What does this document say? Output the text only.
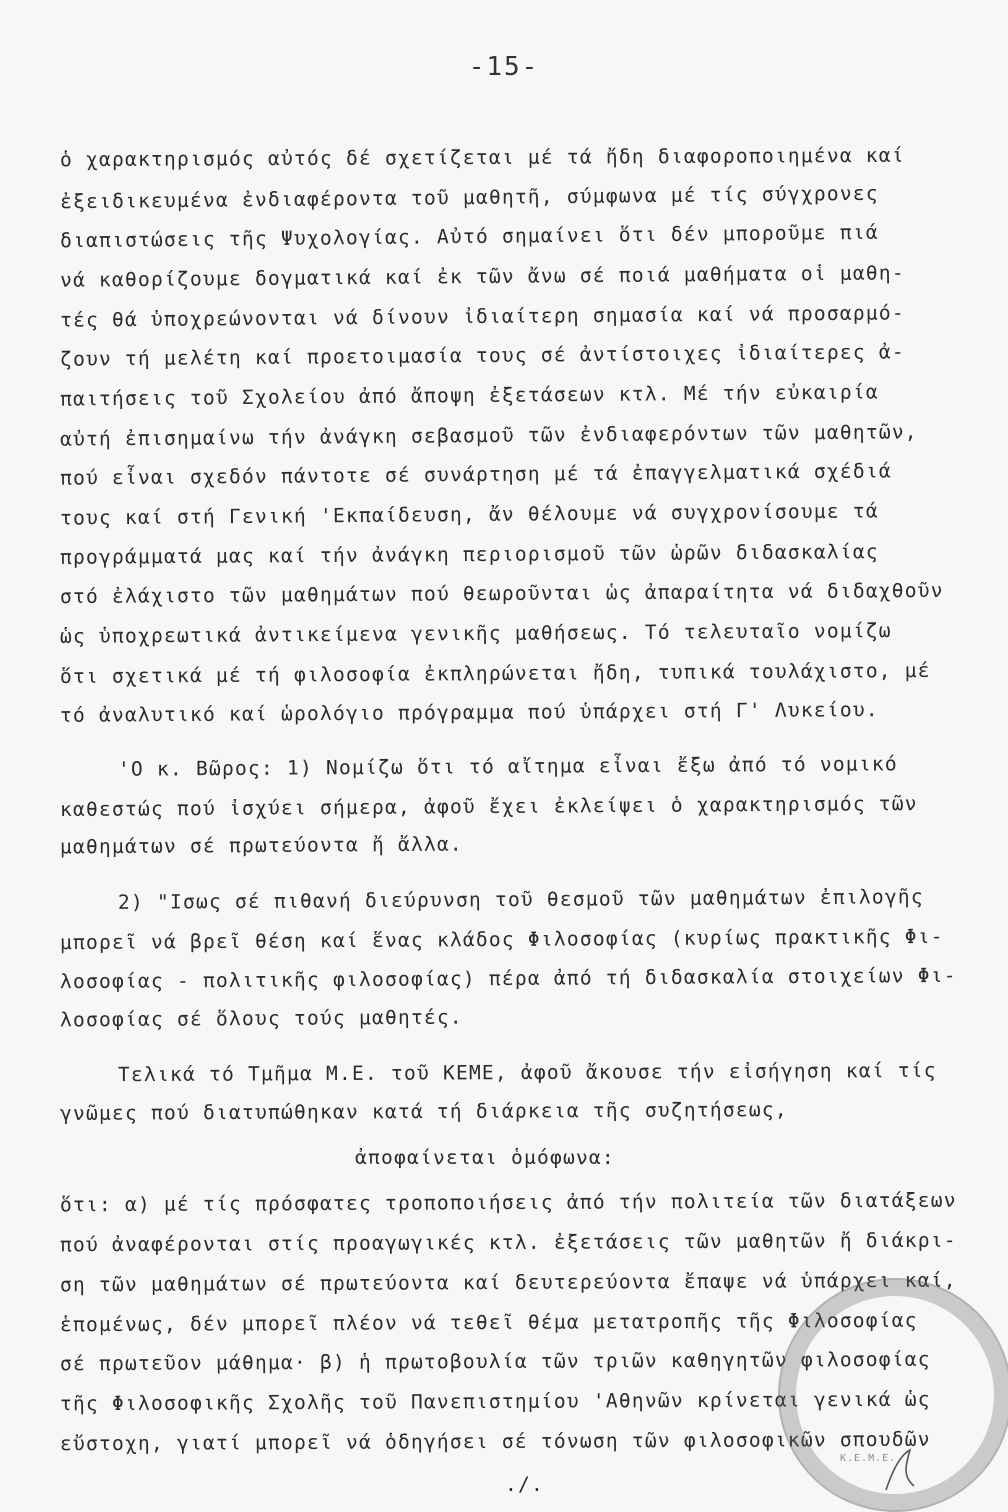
-15-
ὁ χαρακτηρισμός αὐτός δέ σχετίζεται μέ τά ἤδη διαφοροποιημένα καί
ἐξειδικευμένα ἐνδιαφέροντα τοῦ μαθητῆ, σύμφωνα μέ τίς σύγχρονες
διαπιστώσεις τῆς Ψυχολογίας. Αὐτό σημαίνει ὅτι δέν μποροῦμε πιά
νά καθορίζουμε δογματικά καί ἐκ τῶν ἄνω σέ ποιά μαθήματα οἱ μαθη-
τές θά ὑποχρεώνονται νά δίνουν ἰδιαίτερη σημασία καί νά προσαρμό-
ζουν τή μελέτη καί προετοιμασία τους σέ ἀντίστοιχες ἰδιαίτερες ἀ-
παιτήσεις τοῦ Σχολείου ἀπό ἄποψη ἐξετάσεων κτλ. Μέ τήν εὐκαιρία
αὐτή ἐπισημαίνω τήν ἀνάγκη σεβασμοῦ τῶν ἐνδιαφερόντων τῶν μαθητῶν,
πού εἶναι σχεδόν πάντοτε σέ συνάρτηση μέ τά ἐπαγγελματικά σχέδιά
τους καί στή Γενική 'Εκπαίδευση, ἄν θέλουμε νά συγχρονίσουμε τά
προγράμματά μας καί τήν ἀνάγκη περιορισμοῦ τῶν ὡρῶν διδασκαλίας
στό ἐλάχιστο τῶν μαθημάτων πού θεωροῦνται ὡς ἀπαραίτητα νά διδαχθοῦν
ὡς ὑποχρεωτικά ἀντικείμενα γενικῆς μαθήσεως. Τό τελευταῖο νομίζω
ὅτι σχετικά μέ τή φιλοσοφία ἐκπληρώνεται ἤδη, τυπικά τουλάχιστο, μέ
τό ἀναλυτικό καί ὡρολόγιο πρόγραμμα πού ὑπάρχει στή Γ' Λυκείου.
'Ο κ. Βῶρος: 1) Νομίζω ὅτι τό αἴτημα εἶναι ἔξω ἀπό τό νομικό
καθεστώς πού ἰσχύει σήμερα, ἀφοῦ ἔχει ἐκλείψει ὁ χαρακτηρισμός τῶν
μαθημάτων σέ πρωτεύοντα ἤ ἄλλα.
2) "Ισως σέ πιθανή διεύρυνση τοῦ θεσμοῦ τῶν μαθημάτων ἐπιλογῆς
μπορεῖ νά βρεῖ θέση καί ἕνας κλάδος Φιλοσοφίας (κυρίως πρακτικῆς Φι-
λοσοφίας - πολιτικῆς φιλοσοφίας) πέρα ἀπό τή διδασκαλία στοιχείων Φι-
λοσοφίας σέ ὅλους τούς μαθητές.
Τελικά τό Τμῆμα Μ.Ε. τοῦ ΚΕΜΕ, ἀφοῦ ἄκουσε τήν εἰσήγηση καί τίς
γνῶμες πού διατυπώθηκαν κατά τή διάρκεια τῆς συζητήσεως,
ἀποφαίνεται ὁμόφωνα:
ὅτι: α) μέ τίς πρόσφατες τροποποιήσεις ἀπό τήν πολιτεία τῶν διατάξεων
πού ἀναφέρονται στίς προαγωγικές κτλ. ἐξετάσεις τῶν μαθητῶν ἤ διάκρι-
ση τῶν μαθημάτων σέ πρωτεύοντα καί δευτερεύοντα ἔπαψε νά ὑπάρχει καί,
ἑπομένως, δέν μπορεῖ πλέον νά τεθεῖ θέμα μετατροπῆς τῆς Φιλοσοφίας
σέ πρωτεῦον μάθημα· β) ἡ πρωτοβουλία τῶν τριῶν καθηγητῶν φιλοσοφίας
τῆς Φιλοσοφικῆς Σχολῆς τοῦ Πανεπιστημίου 'Αθηνῶν κρίνεται γενικά ὡς
εὔστοχη, γιατί μπορεῖ νά ὁδηγήσει σέ τόνωση τῶν φιλοσοφικῶν σπουδῶν
./.
Κ.Ε.Μ.Ε.
